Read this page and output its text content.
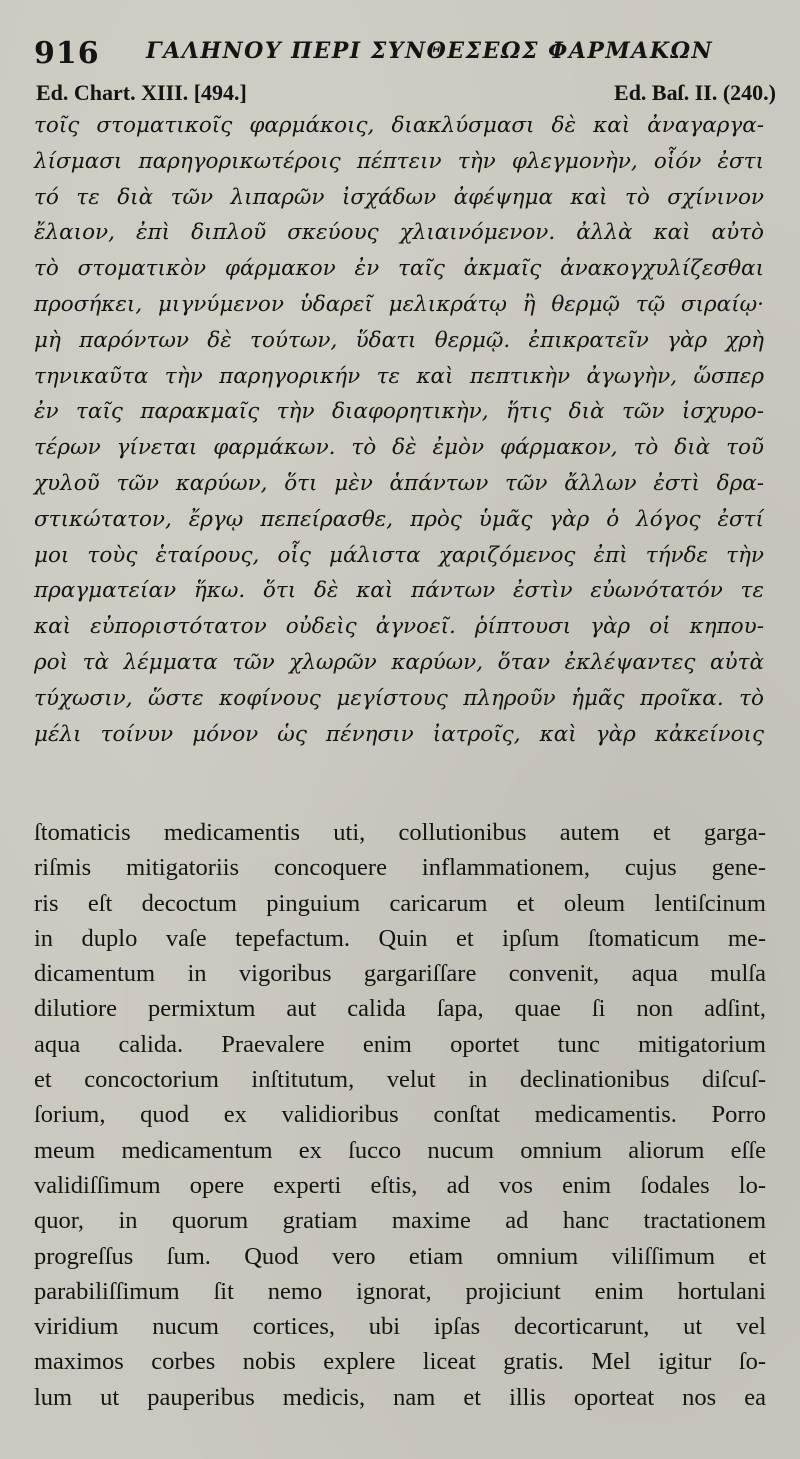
916 ΓΑΛΗΝΟΥ ΠΕΡΙ ΣΥΝΘΕΣΕΩΣ ΦΑΡΜΑΚΩΝ
Ed. Chart. XIII. [494.]	Ed. Baſ. II. (240.)
τοῖς στοματικοῖς φαρμάκοις, διακλύσμασι δὲ καὶ ἀναγαργα-
λίσμασι παρηγορικωτέροις πέπτειν τὴν φλεγμονὴν, οἷόν ἐστι
τό τε διὰ τῶν λιπαρῶν ἰσχάδων ἀφέψημα καὶ τὸ σχίνινον
ἔλαιον, ἐπὶ διπλοῦ σκεύους χλιαινόμενον. ἀλλὰ καὶ αὐτὸ
τὸ στοματικὸν φάρμακον ἐν ταῖς ἀκμαῖς ἀνακογχυλίζεσθαι
προσήκει, μιγνύμενον ὑδαρεῖ μελικράτῳ ἢ θερμῷ τῷ σιραίῳ·
μὴ παρόντων δὲ τούτων, ὕδατι θερμῷ. ἐπικρατεῖν γὰρ χρὴ
τηνικαῦτα τὴν παρηγορικήν τε καὶ πεπτικὴν ἀγωγὴν, ὥσπερ
ἐν ταῖς παρακμαῖς τὴν διαφορητικὴν, ἥτις διὰ τῶν ἰσχυρο-
τέρων γίνεται φαρμάκων. τὸ δὲ ἐμὸν φάρμακον, τὸ διὰ τοῦ
χυλοῦ τῶν καρύων, ὅτι μὲν ἁπάντων τῶν ἄλλων ἐστὶ δρα-
στικώτατον, ἔργῳ πεπείρασθε, πρὸς ὑμᾶς γὰρ ὁ λόγος ἐστί
μοι τοὺς ἑταίρους, οἷς μάλιστα χαριζόμενος ἐπὶ τήνδε τὴν
πραγματείαν ἥκω. ὅτι δὲ καὶ πάντων ἐστὶν εὐωνότατόν τε
καὶ εὐποριστότατον οὐδεὶς ἀγνοεῖ. ῥίπτουσι γὰρ οἱ κηπου-
ροὶ τὰ λέμματα τῶν χλωρῶν καρύων, ὅταν ἐκλέψαντες αὐτὰ
τύχωσιν, ὥστε κοφίνους μεγίστους πληροῦν ἡμᾶς προῖκα. τὸ
μέλι τοίνυν μόνον ὡς πένησιν ἰατροῖς, καὶ γὰρ κἀκείνοις
ſtomaticis medicamentis uti, collutionibus autem et garga-
riſmis mitigatoriis concoquere inflammationem, cujus gene-
ris eſt decoctum pinguium caricarum et oleum lentiſcinum
in duplo vaſe tepefactum. Quin et ipſum ſtomaticum me-
dicamentum in vigoribus gargariſſare convenit, aqua mulſa
dilutiore permixtum aut calida ſapa, quae ſi non adſint,
aqua calida. Praevalere enim oportet tunc mitigatorium
et concoctorium inſtitutum, velut in declinationibus diſcuſ-
ſorium, quod ex validioribus conſtat medicamentis. Porro
meum medicamentum ex ſucco nucum omnium aliorum eſſe
validiſſimum opere experti eſtis, ad vos enim ſodales lo-
quor, in quorum gratiam maxime ad hanc tractationem
progreſſus ſum. Quod vero etiam omnium viliſſimum et
parabiliſſimum ſit nemo ignorat, projiciunt enim hortulani
viridium nucum cortices, ubi ipſas decorticarunt, ut vel
maximos corbes nobis explere liceat gratis. Mel igitur ſo-
lum ut pauperibus medicis, nam et illis oporteat nos ea
